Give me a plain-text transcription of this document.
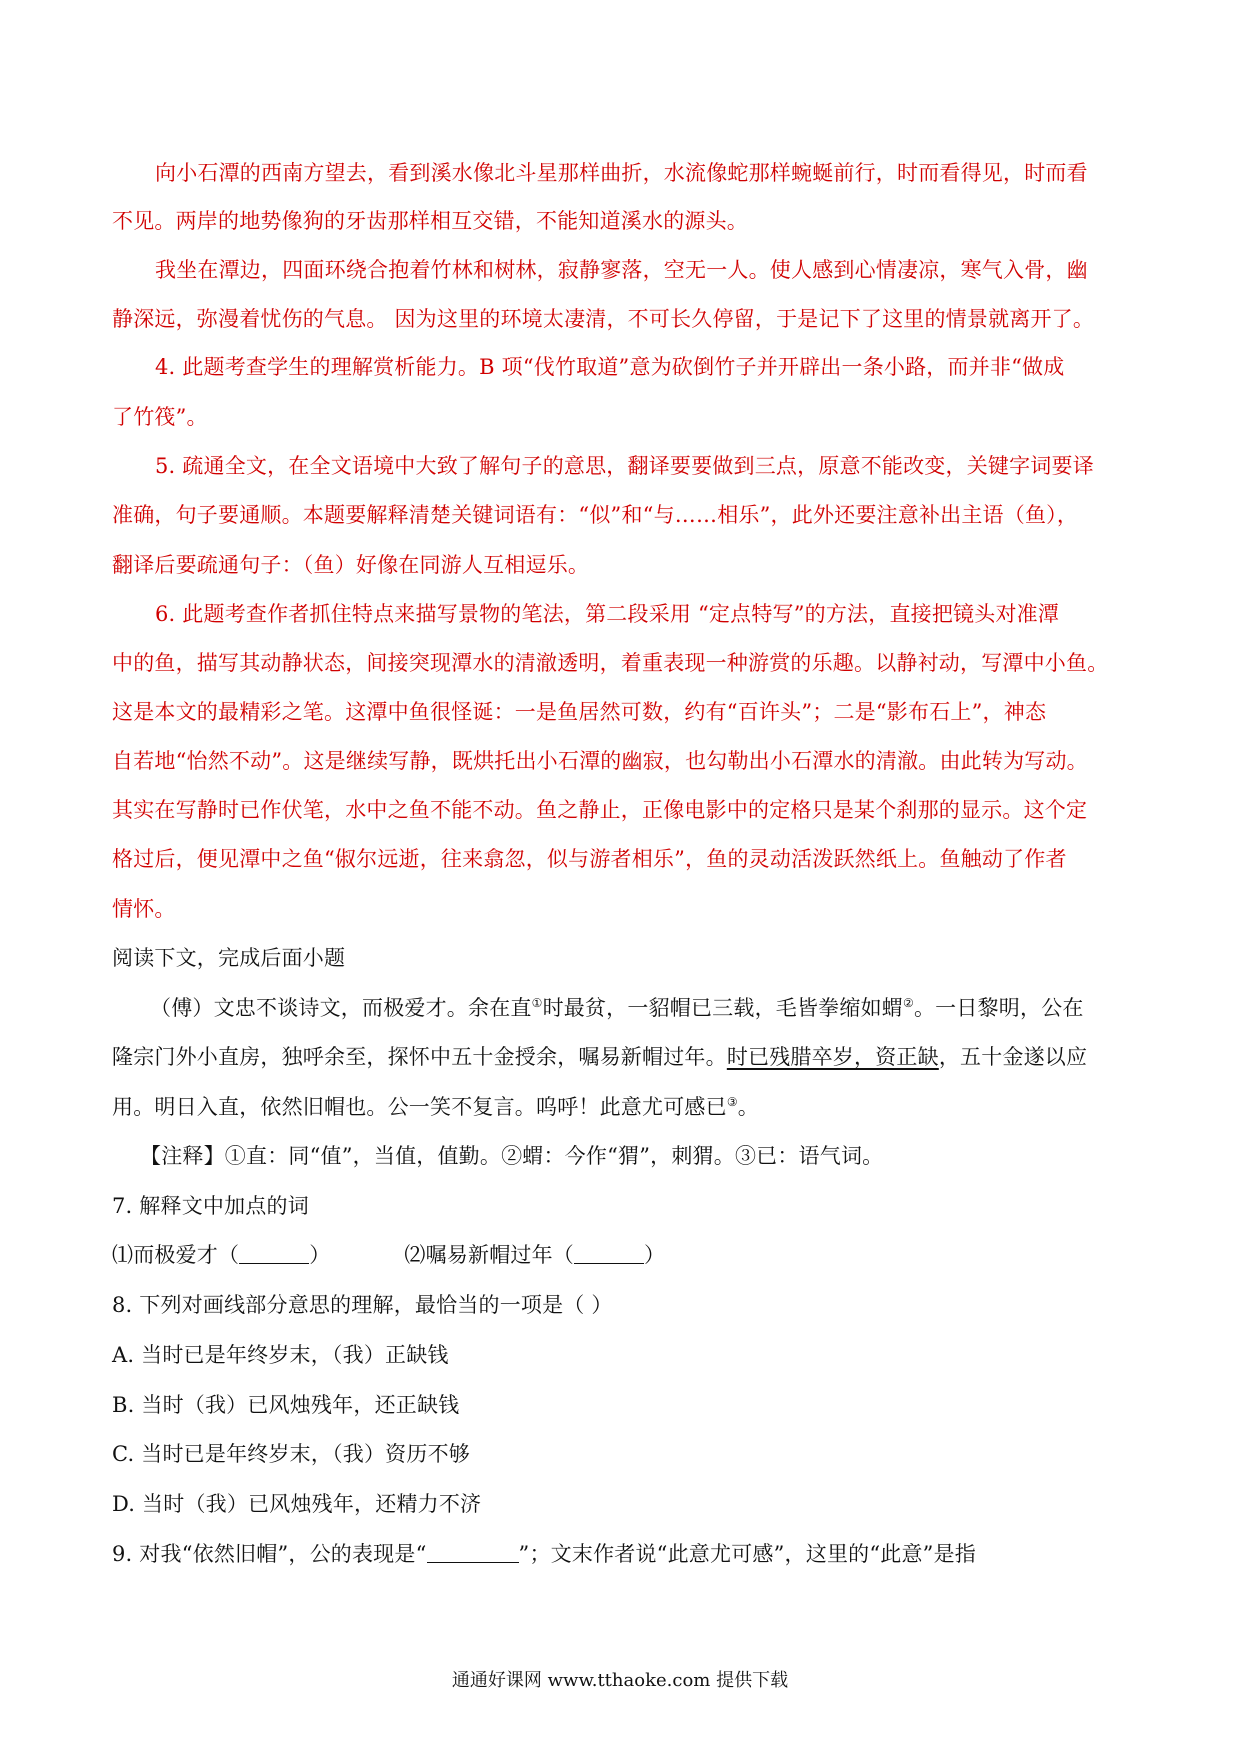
向小石潭的西南方望去，看到溪水像北斗星那样曲折，水流像蛇那样蜿蜒前行，时而看得见，时而看
不见。两岸的地势像狗的牙齿那样相互交错，不能知道溪水的源头。
我坐在潭边，四面环绕合抱着竹林和树林，寂静寥落，空无一人。使人感到心情凄凉，寒气入骨，幽
静深远，弥漫着忧伤的气息。 因为这里的环境太凄清，不可长久停留，于是记下了这里的情景就离开了。
4. 此题考查学生的理解赏析能力。B 项“伐竹取道”意为砍倒竹子并开辟出一条小路，而并非“做成
了竹筏”。
5. 疏通全文，在全文语境中大致了解句子的意思，翻译要要做到三点，原意不能改变，关键字词要译
准确，句子要通顺。本题要解释清楚关键词语有：“似”和“与……相乐”，此外还要注意补出主语（鱼），
翻译后要疏通句子：（鱼）好像在同游人互相逗乐。
6. 此题考查作者抓住特点来描写景物的笔法，第二段采用 “定点特写”的方法，直接把镜头对准潭
中的鱼，描写其动静状态，间接突现潭水的清澈透明，着重表现一种游赏的乐趣。以静衬动，写潭中小鱼。
这是本文的最精彩之笔。这潭中鱼很怪诞：一是鱼居然可数，约有“百许头”；二是“影布石上”，神态
自若地“怡然不动”。这是继续写静，既烘托出小石潭的幽寂，也勾勒出小石潭水的清澈。由此转为写动。
其实在写静时已作伏笔，水中之鱼不能不动。鱼之静止，正像电影中的定格只是某个刹那的显示。这个定
格过后，便见潭中之鱼“俶尔远逝，往来翕忽，似与游者相乐”，鱼的灵动活泼跃然纸上。鱼触动了作者
情怀。
阅读下文，完成后面小题
（傅）文忠不谈诗文，而极爱才。余在直①时最贫，一貂帽已三载，毛皆拳缩如蝟②。一日黎明，公在
隆宗门外小直房，独呼余至，探怀中五十金授余，嘱易新帽过年。时已残腊卒岁，资正缺，五十金遂以应
用。明日入直，依然旧帽也。公一笑不复言。呜呼！此意尤可感已③。
【注释】①直：同“值”，当值，值勤。②蝟：今作“猬”，刺猬。③已：语气词。
7. 解释文中加点的词
⑴而极爱才（	）	⑵嘱易新帽过年（	）
8. 下列对画线部分意思的理解，最恰当的一项是（ ）
A. 当时已是年终岁末，（我）正缺钱
B. 当时（我）已风烛残年，还正缺钱
C. 当时已是年终岁末，（我）资历不够
D. 当时（我）已风烛残年，还精力不济
9. 对我“依然旧帽”，公的表现是“	”；文末作者说“此意尤可感”，这里的“此意”是指
通通好课网 www.tthaoke.com 提供下载
